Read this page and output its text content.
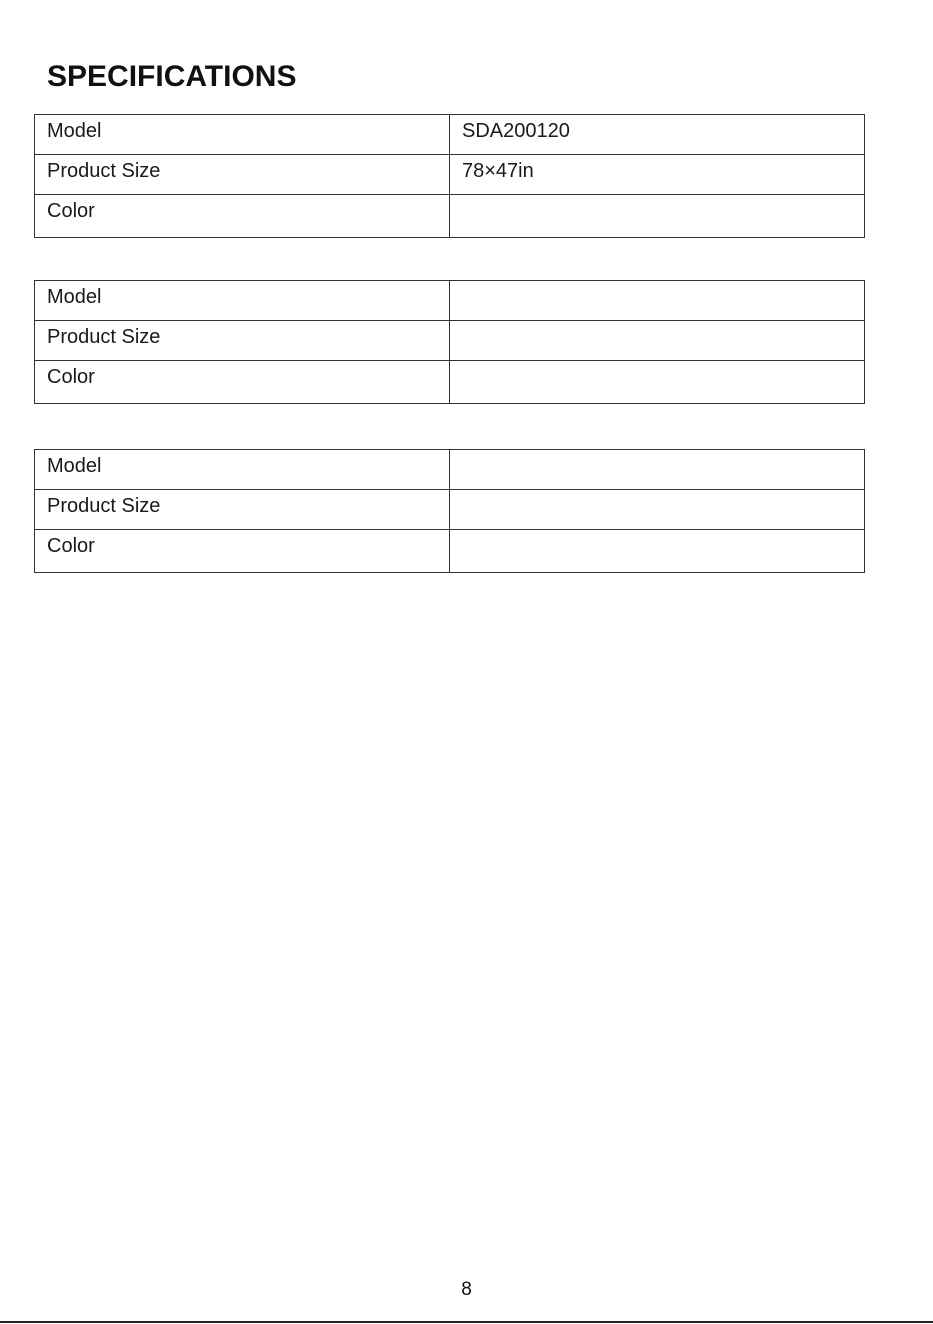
SPECIFICATIONS
Model	SDA200120
Product Size	78×47in
Color	
Model	
Product Size	
Color	
Model	
Product Size	
Color	
8
